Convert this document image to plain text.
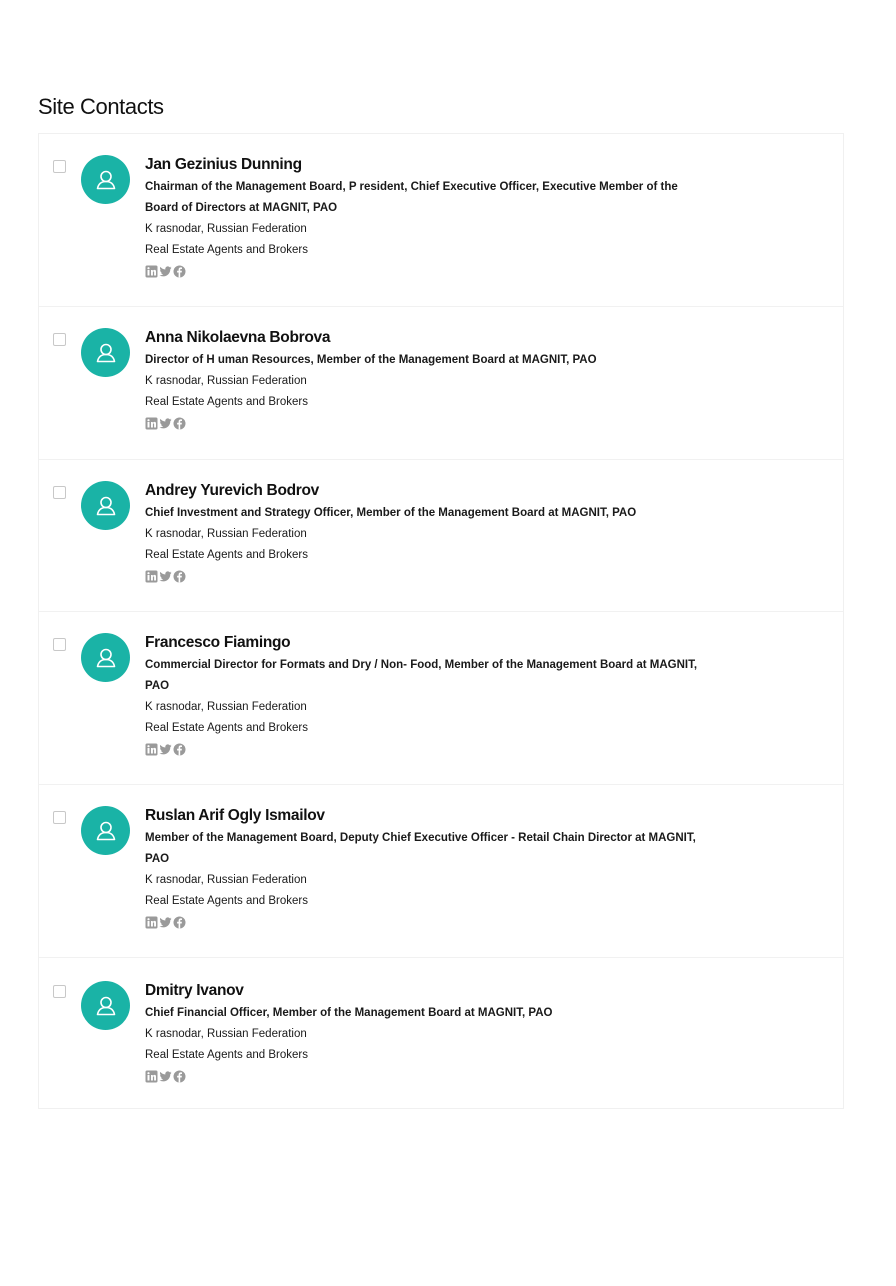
Site Contacts
Jan Gezinius Dunning
Chairman of the Management Board, P resident, Chief Executive Officer, Executive Member of the Board of Directors at MAGNIT, PAO
K rasnodar, Russian Federation
Real Estate Agents and Brokers
Anna Nikolaevna Bobrova
Director of H uman Resources, Member of the Management Board at MAGNIT, PAO
K rasnodar, Russian Federation
Real Estate Agents and Brokers
Andrey Yurevich Bodrov
Chief Investment and Strategy Officer, Member of the Management Board at MAGNIT, PAO
K rasnodar, Russian Federation
Real Estate Agents and Brokers
Francesco Fiamingo
Commercial Director for Formats and Dry / Non- Food, Member of the Management Board at MAGNIT, PAO
K rasnodar, Russian Federation
Real Estate Agents and Brokers
Ruslan Arif Ogly Ismailov
Member of the Management Board, Deputy Chief Executive Officer - Retail Chain Director at MAGNIT, PAO
K rasnodar, Russian Federation
Real Estate Agents and Brokers
Dmitry Ivanov
Chief Financial Officer, Member of the Management Board at MAGNIT, PAO
K rasnodar, Russian Federation
Real Estate Agents and Brokers
